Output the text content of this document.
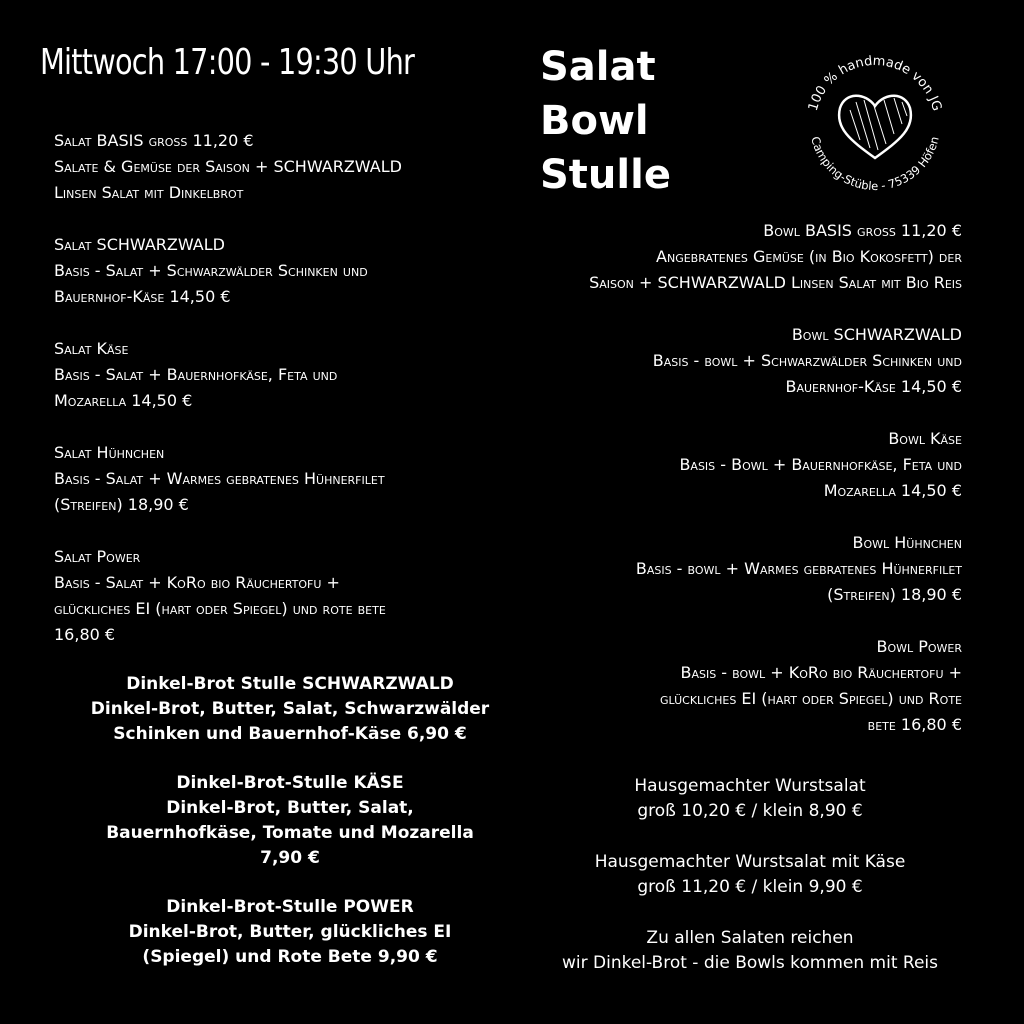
Mittwoch 17:00 - 19:30 Uhr	Salat
Bowl
Stulle
100 % handmade von JG
Camping-Stüble - 75339 Höfen
Salat BASIS gross 11,20 €
Salate & Gemüse der Saison + SCHWARZWALD
Linsen Salat mit Dinkelbrot
Salat SCHWARZWALD
Basis - Salat + Schwarzwälder Schinken und
Bauernhof-Käse 14,50 €
Salat Käse
Basis - Salat + Bauernhofkäse, Feta und
Mozarella 14,50 €
Salat Hühnchen
Basis - Salat + Warmes gebratenes Hühnerfilet
(Streifen) 18,90 €
Salat Power
Basis - Salat + KoRo bio Räuchertofu +
glückliches EI (hart oder Spiegel) und rote bete
16,80 €
Bowl BASIS gross 11,20 €
Angebratenes Gemüse (in Bio Kokosfett) der
Saison + SCHWARZWALD Linsen Salat mit Bio Reis
Bowl SCHWARZWALD
Basis - bowl + Schwarzwälder Schinken und
Bauernhof-Käse 14,50 €
Bowl Käse
Basis - Bowl + Bauernhofkäse, Feta und
Mozarella 14,50 €
Bowl Hühnchen
Basis - bowl + Warmes gebratenes Hühnerfilet
(Streifen) 18,90 €
Bowl Power
Basis - bowl + KoRo bio Räuchertofu +
glückliches EI (hart oder Spiegel) und Rote
bete 16,80 €
Dinkel-Brot Stulle SCHWARZWALD
Dinkel-Brot, Butter, Salat, Schwarzwälder
Schinken und Bauernhof-Käse 6,90 €
Dinkel-Brot-Stulle KÄSE
Dinkel-Brot, Butter, Salat,
Bauernhofkäse, Tomate und Mozarella
7,90 €
Dinkel-Brot-Stulle POWER
Dinkel-Brot, Butter, glückliches EI
(Spiegel) und Rote Bete 9,90 €
Hausgemachter Wurstsalat
groß 10,20 € / klein 8,90 €
Hausgemachter Wurstsalat mit Käse
groß 11,20 € / klein 9,90 €
Zu allen Salaten reichen
wir Dinkel-Brot - die Bowls kommen mit Reis
